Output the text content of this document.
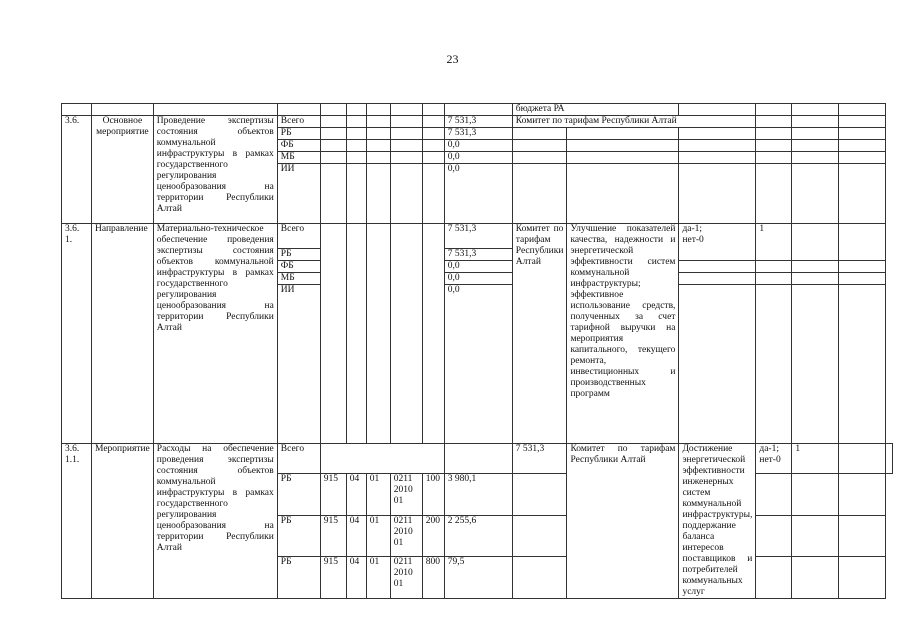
23
										бюджета РА						
3.6.	Основное мероприятие	Проведение экспертизы состояния объектов коммунальной инфраструктуры в рамках государственного регулирования ценообразования на территории Республики Алтай	Всего						7 531,3	Комитет по тарифам Республики Алтай						
			РБ						7 531,3							
			ФБ						0,0							
			МБ						0,0							
			ИИ						0,0							
3.6.
1.	Направление	Материально-техническое обеспечение проведения экспертизы состояния объектов коммунальной инфраструктуры в рамках государственного регулирования ценообразования на территории Республики Алтай	Всего						7 531,3	Комитет по тарифам Республики Алтай	Улучшение показателей качества, надежности и энергетической эффективности систем коммунальной инфраструктуры; эффективное использование средств, полученных за счет тарифной выручки на мероприятия капитального, текущего ремонта, инвестиционных и производственных программ	да-1;
нет-0	1			
			РБ						7 531,3							
			ФБ						0,0							
			МБ						0,0							
			ИИ						0,0							
3.6.
1.1.	Мероприятие	Расходы на обеспечение проведения экспертизы состояния объектов коммунальной инфраструктуры в рамках государственного регулирования ценообразования на территории Республики Алтай	Всего							7 531,3	Комитет по тарифам Республики Алтай	Достижение энергетической эффективности инженерных систем коммунальной инфраструктуры, поддержание баланса интересов поставщиков и потребителей коммунальных услуг	да-1;
нет-0	1		
			РБ	915	04	01	0211
2010
01	100	3 980,1							
			РБ	915	04	01	0211
2010
01	200	2 255,6							
			РБ	915	04	01	0211
2010
01	800	79,5							
